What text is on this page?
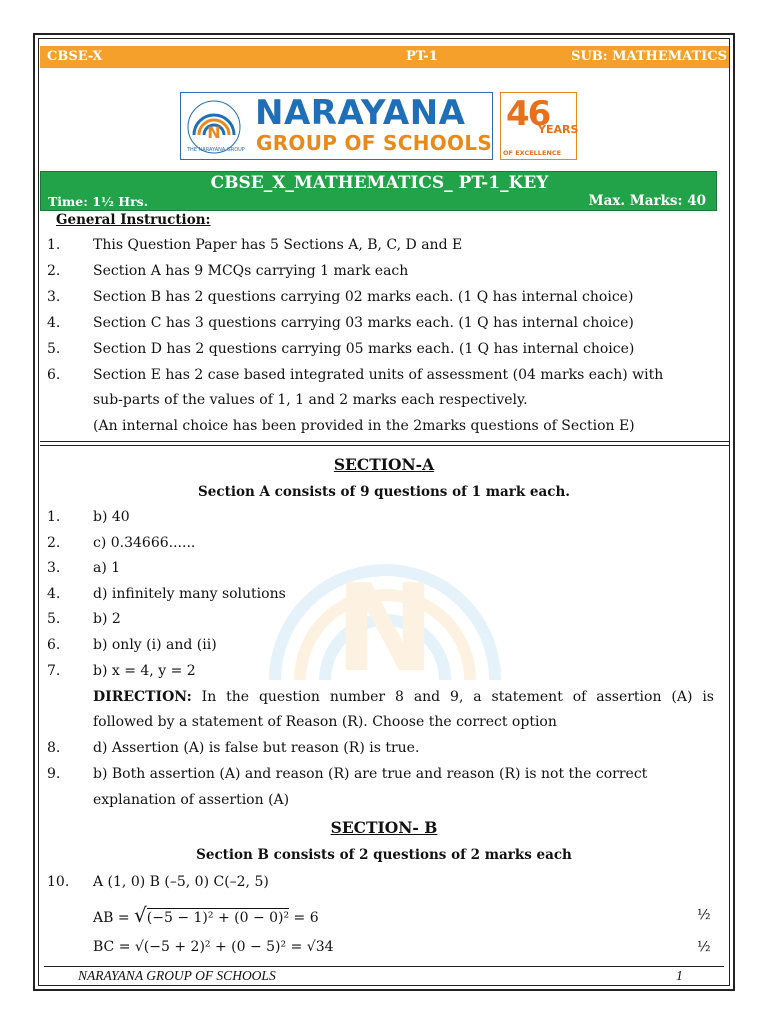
CBSE-X	PT-1	SUB: MATHEMATICS
N NARAYANA
GROUP OF SCHOOLS
THE NARAYANA GROUP
46
YEARS
OF EXCELLENCE
CBSE_X_MATHEMATICS_ PT-1_KEY
Time: 1½ Hrs.	Max. Marks: 40
N
General Instruction:
1. This Question Paper has 5 Sections A, B, C, D and E
2. Section A has 9 MCQs carrying 1 mark each
3. Section B has 2 questions carrying 02 marks each. (1 Q has internal choice)
4. Section C has 3 questions carrying 03 marks each. (1 Q has internal choice)
5. Section D has 2 questions carrying 05 marks each. (1 Q has internal choice)
6. Section E has 2 case based integrated units of assessment (04 marks each) with
sub-parts of the values of 1, 1 and 2 marks each respectively.
(An internal choice has been provided in the 2marks questions of Section E)
SECTION-A
Section A consists of 9 questions of 1 mark each.
1. b) 40
2. c) 0.34666......
3. a) 1
4. d) infinitely many solutions
5. b) 2
6. b) only (i) and (ii)
7. b) x = 4, y = 2
DIRECTION: In the question number 8 and 9, a statement of assertion (A) is
followed by a statement of Reason (R). Choose the correct option
8. d) Assertion (A) is false but reason (R) is true.
9. b) Both assertion (A) and reason (R) are true and reason (R) is not the correct
explanation of assertion (A)
SECTION- B
Section B consists of 2 questions of 2 marks each
10. A (1, 0) B (–5, 0) C(–2, 5)
AB = √(−5 − 1)² + (0 − 0)² = 6	½
BC = √(−5 + 2)² + (0 − 5)² = √34	½
NARAYANA GROUP OF SCHOOLS	1
